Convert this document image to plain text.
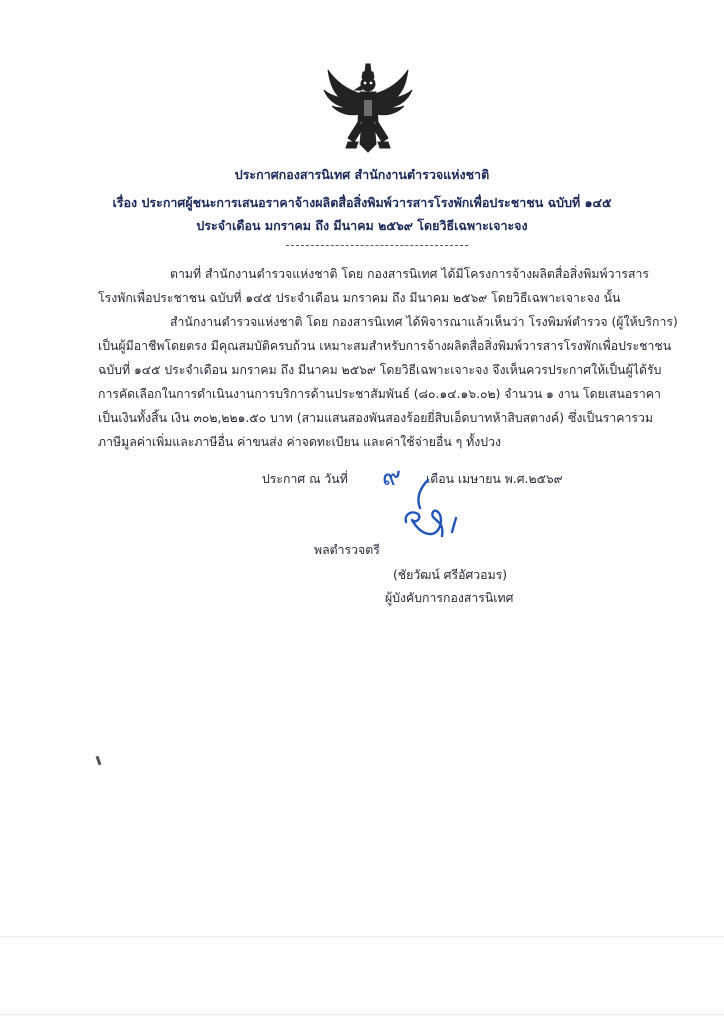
ประกาศกองสารนิเทศ สำนักงานตำรวจแห่งชาติ
เรื่อง ประกาศผู้ชนะการเสนอราคาจ้างผลิตสื่อสิ่งพิมพ์วารสารโรงพักเพื่อประชาชน ฉบับที่ ๑๔๕
ประจำเดือน มกราคม ถึง มีนาคม ๒๕๖๙ โดยวิธีเฉพาะเจาะจง
ตามที่ สำนักงานตำรวจแห่งชาติ โดย กองสารนิเทศ ได้มีโครงการจ้างผลิตสื่อสิ่งพิมพ์วารสาร
โรงพักเพื่อประชาชน ฉบับที่ ๑๔๕ ประจำเดือน มกราคม ถึง มีนาคม ๒๕๖๙ โดยวิธีเฉพาะเจาะจง นั้น
สำนักงานตำรวจแห่งชาติ โดย กองสารนิเทศ ได้พิจารณาแล้วเห็นว่า โรงพิมพ์ตำรวจ (ผู้ให้บริการ)
เป็นผู้มีอาชีพโดยตรง มีคุณสมบัติครบถ้วน เหมาะสมสำหรับการจ้างผลิตสื่อสิ่งพิมพ์วารสารโรงพักเพื่อประชาชน
ฉบับที่ ๑๔๕ ประจำเดือน มกราคม ถึง มีนาคม ๒๕๖๙ โดยวิธีเฉพาะเจาะจง จึงเห็นควรประกาศให้เป็นผู้ได้รับ
การคัดเลือกในการดำเนินงานการบริการด้านประชาสัมพันธ์ (๘๐.๑๔.๑๖.๐๒) จำนวน ๑ งาน โดยเสนอราคา
เป็นเงินทั้งสิ้น เงิน ๓๐๒,๒๒๑.๕๐ บาท (สามแสนสองพันสองร้อยยี่สิบเอ็ดบาทห้าสิบสตางค์) ซึ่งเป็นราคารวม
ภาษีมูลค่าเพิ่มและภาษีอื่น ค่าขนส่ง ค่าจดทะเบียน และค่าใช้จ่ายอื่น ๆ ทั้งปวง
ประกาศ ณ วันที่ ๙ เดือน เมษายน พ.ศ.๒๕๖๙
พลตำรวจตรี
(ชัยวัฒน์ ศรีอัศวอมร)
ผู้บังคับการกองสารนิเทศ
